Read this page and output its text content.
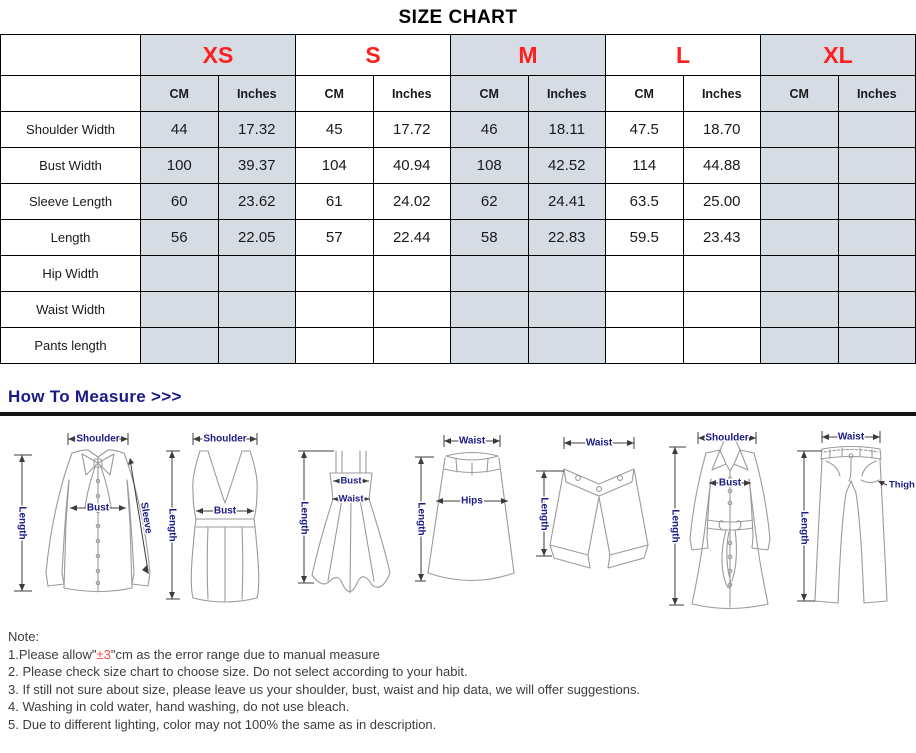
SIZE CHART
	XS		S		M		L		XL	
	CM	Inches	CM	Inches	CM	Inches	CM	Inches	CM	Inches
Shoulder Width	44	17.32	45	17.72	46	18.11	47.5	18.70		
Bust Width	100	39.37	104	40.94	108	42.52	114	44.88		
Sleeve Length	60	23.62	61	24.02	62	24.41	63.5	25.00		
Length	56	22.05	57	22.44	58	22.83	59.5	23.43		
Hip Width										
Waist Width										
Pants length										
How To Measure >>>
Shoulder
Length	Bust	Sleeve
Shoulder
Length	Bust	Length
Bust
Waist
Waist
Length
Hips
Waist
Length
Shoulder
Length
Bust
Waist
Length
Thigh
Note:
1.Please allow"±3"cm as the error range due to manual measure
2. Please check size chart to choose size. Do not select according to your habit.
3. If still not sure about size, please leave us your shoulder, bust, waist and hip data, we will offer suggestions.
4. Washing in cold water, hand washing, do not use bleach.
5. Due to different lighting, color may not 100% the same as in description.
